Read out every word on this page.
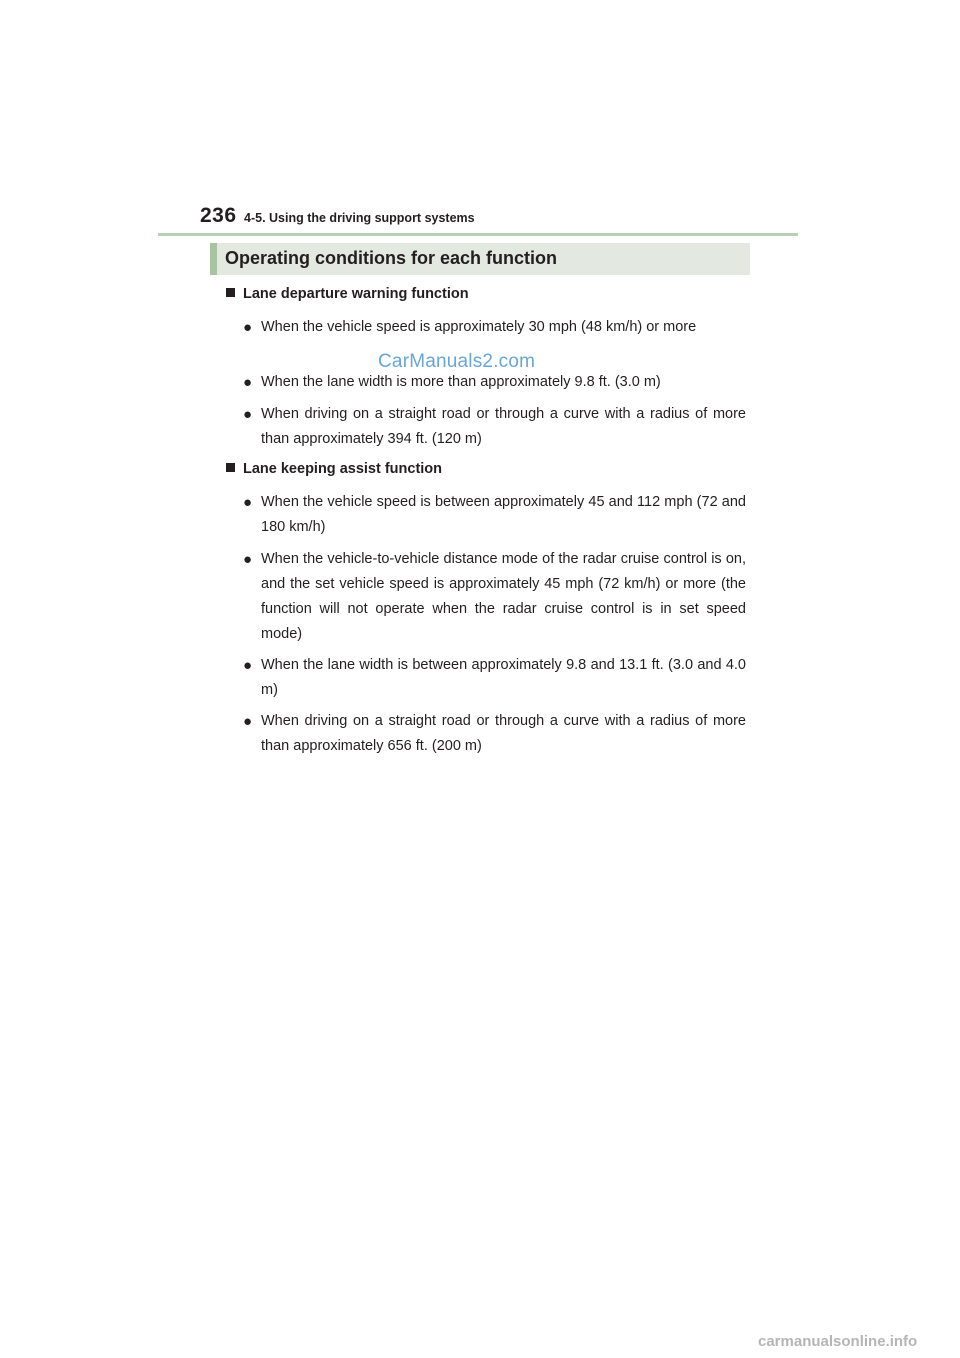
236 4-5. Using the driving support systems
Operating conditions for each function
Lane departure warning function
● When the vehicle speed is approximately 30 mph (48 km/h) or more
● When the lane width is more than approximately 9.8 ft. (3.0 m)
● When driving on a straight road or through a curve with a radius of more than approximately 394 ft. (120 m)
Lane keeping assist function
● When the vehicle speed is between approximately 45 and 112 mph (72 and 180 km/h)
● When the vehicle-to-vehicle distance mode of the radar cruise control is on, and the set vehicle speed is approximately 45 mph (72 km/h) or more (the function will not operate when the radar cruise control is in set speed mode)
● When the lane width is between approximately 9.8 and 13.1 ft. (3.0 and 4.0 m)
● When driving on a straight road or through a curve with a radius of more than approximately 656 ft. (200 m)
CarManuals2.com
carmanualsonline.info
